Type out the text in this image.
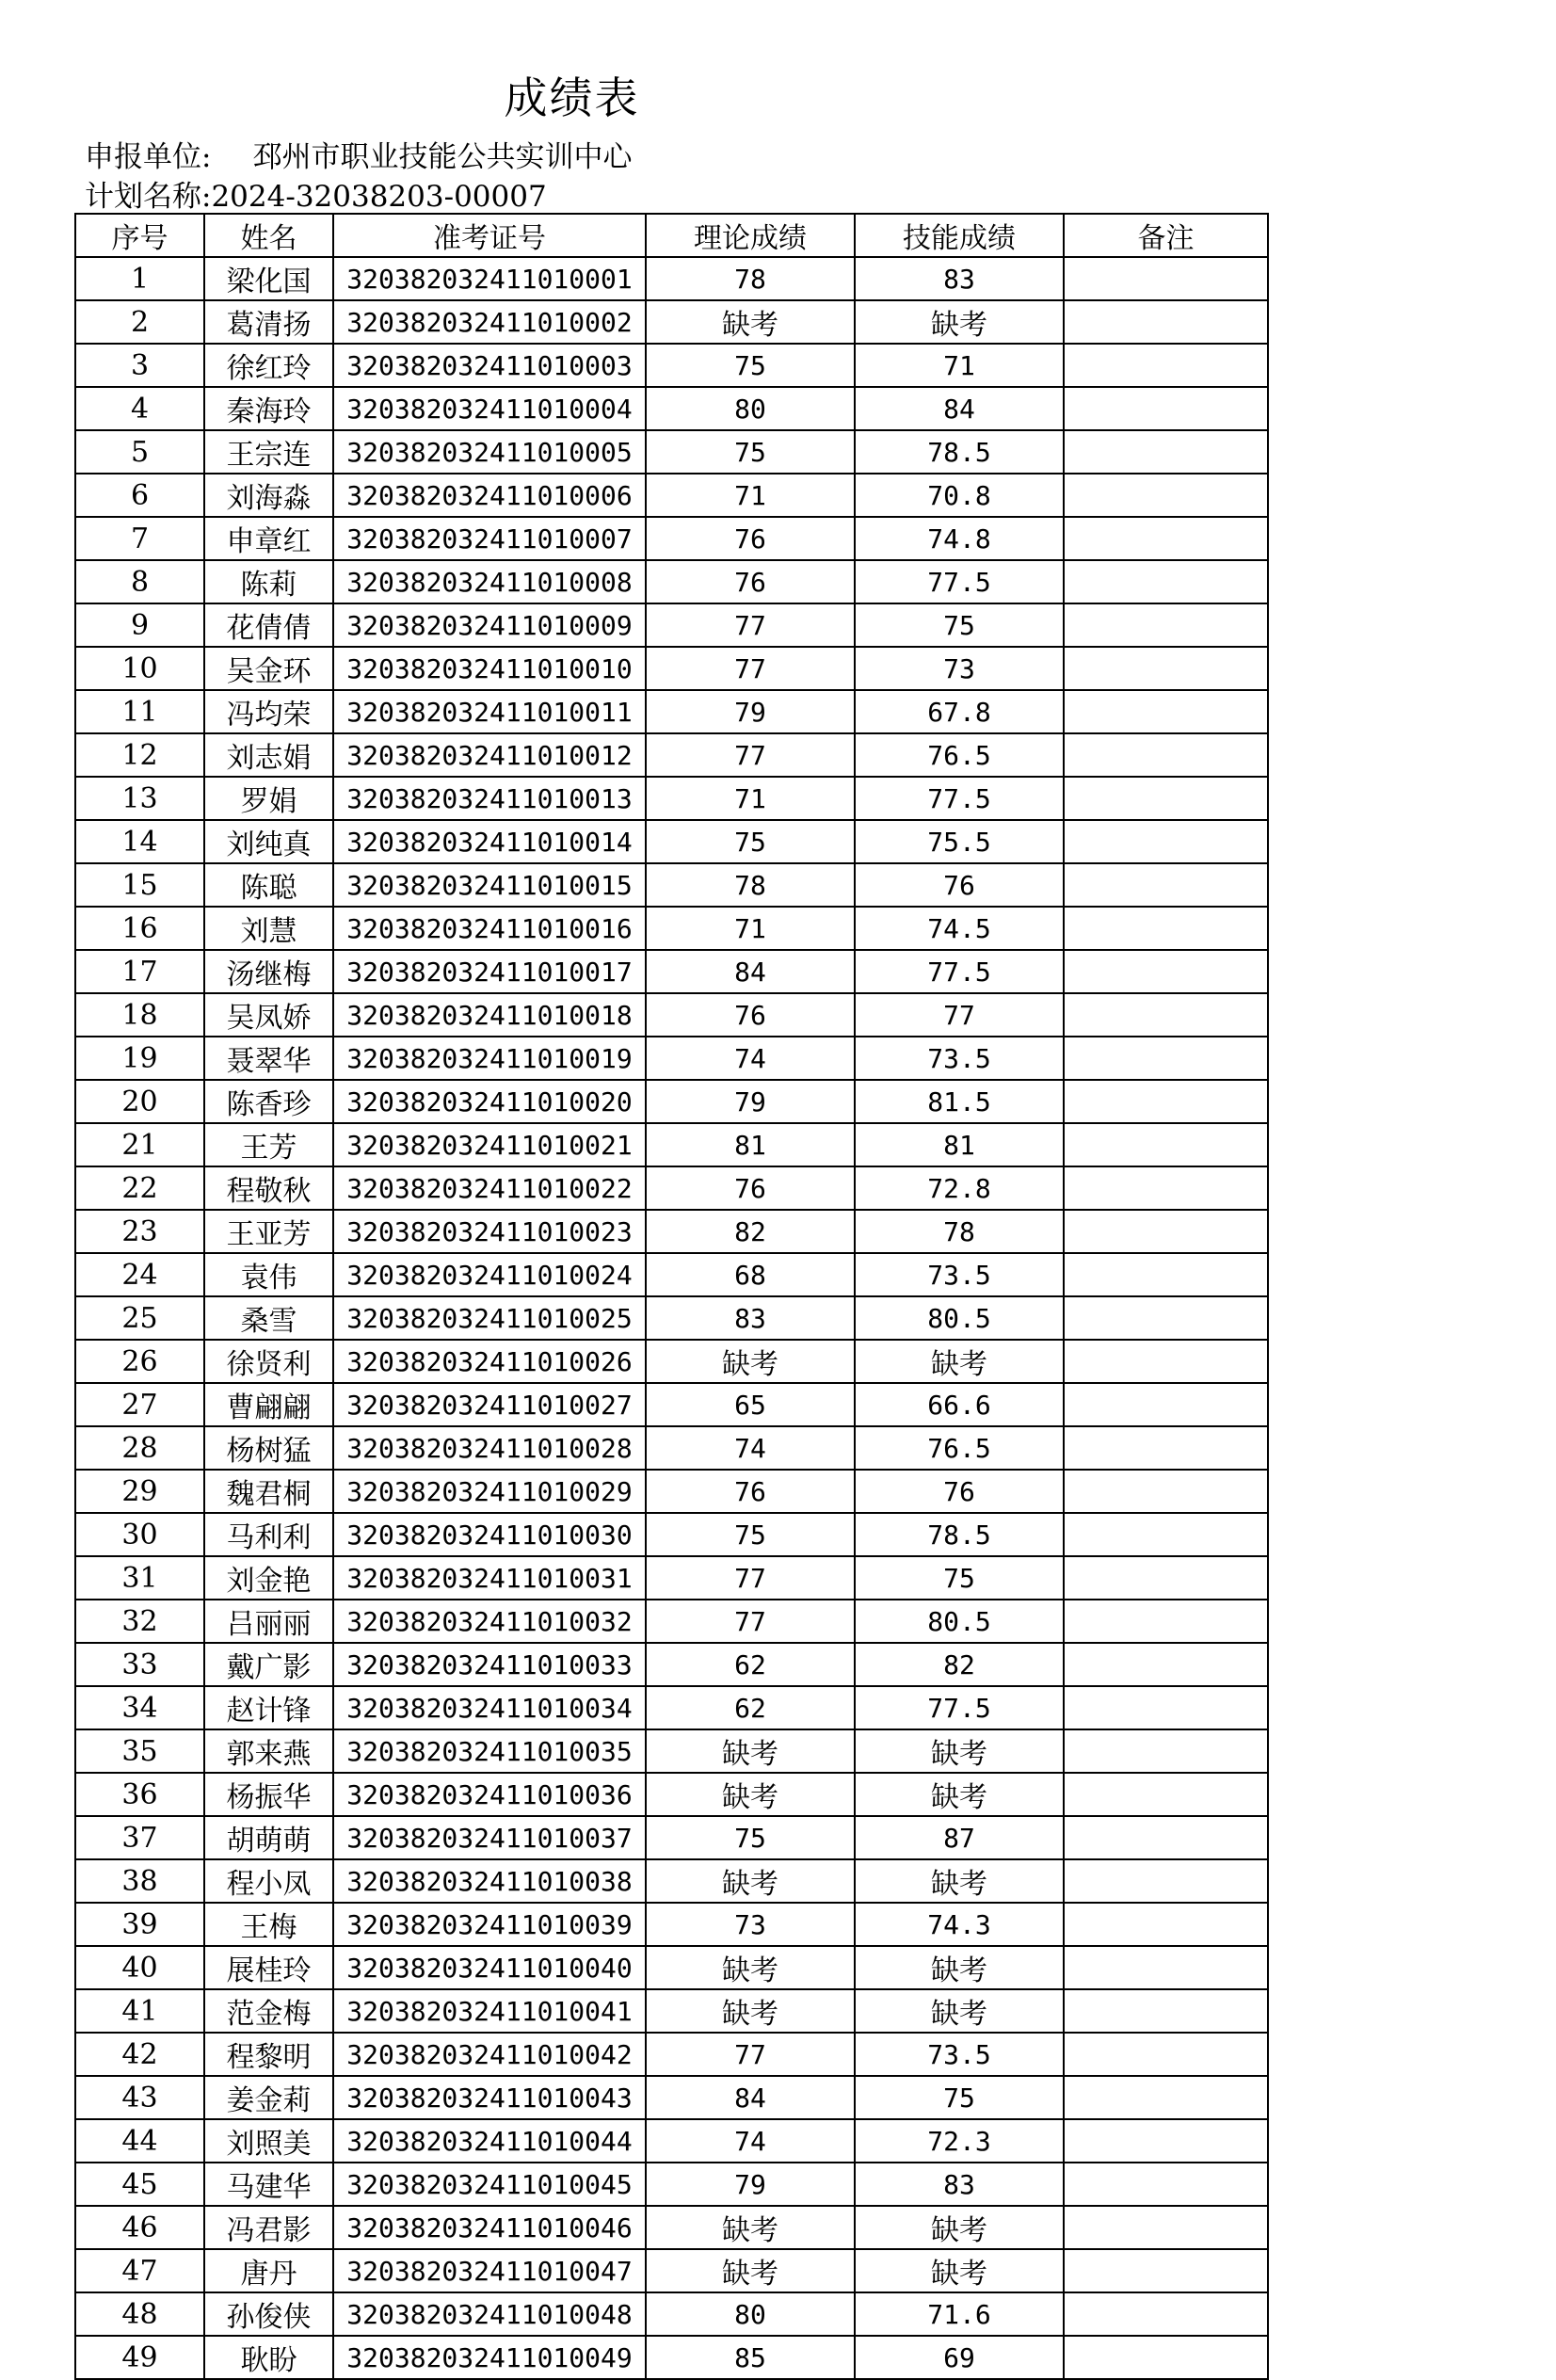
成绩表
申报单位: 邳州市职业技能公共实训中心
计划名称:2024-32038203-00007
序号	姓名	准考证号	理论成绩	技能成绩	备注
1	梁化国	320382032411010001	78	83	
2	葛清扬	320382032411010002	缺考	缺考	
3	徐红玲	320382032411010003	75	71	
4	秦海玲	320382032411010004	80	84	
5	王宗连	320382032411010005	75	78.5	
6	刘海淼	320382032411010006	71	70.8	
7	申章红	320382032411010007	76	74.8	
8	陈莉	320382032411010008	76	77.5	
9	花倩倩	320382032411010009	77	75	
10	吴金环	320382032411010010	77	73	
11	冯均荣	320382032411010011	79	67.8	
12	刘志娟	320382032411010012	77	76.5	
13	罗娟	320382032411010013	71	77.5	
14	刘纯真	320382032411010014	75	75.5	
15	陈聪	320382032411010015	78	76	
16	刘慧	320382032411010016	71	74.5	
17	汤继梅	320382032411010017	84	77.5	
18	吴凤娇	320382032411010018	76	77	
19	聂翠华	320382032411010019	74	73.5	
20	陈香珍	320382032411010020	79	81.5	
21	王芳	320382032411010021	81	81	
22	程敬秋	320382032411010022	76	72.8	
23	王亚芳	320382032411010023	82	78	
24	袁伟	320382032411010024	68	73.5	
25	桑雪	320382032411010025	83	80.5	
26	徐贤利	320382032411010026	缺考	缺考	
27	曹翩翩	320382032411010027	65	66.6	
28	杨树猛	320382032411010028	74	76.5	
29	魏君桐	320382032411010029	76	76	
30	马利利	320382032411010030	75	78.5	
31	刘金艳	320382032411010031	77	75	
32	吕丽丽	320382032411010032	77	80.5	
33	戴广影	320382032411010033	62	82	
34	赵计锋	320382032411010034	62	77.5	
35	郭来燕	320382032411010035	缺考	缺考	
36	杨振华	320382032411010036	缺考	缺考	
37	胡萌萌	320382032411010037	75	87	
38	程小凤	320382032411010038	缺考	缺考	
39	王梅	320382032411010039	73	74.3	
40	展桂玲	320382032411010040	缺考	缺考	
41	范金梅	320382032411010041	缺考	缺考	
42	程黎明	320382032411010042	77	73.5	
43	姜金莉	320382032411010043	84	75	
44	刘照美	320382032411010044	74	72.3	
45	马建华	320382032411010045	79	83	
46	冯君影	320382032411010046	缺考	缺考	
47	唐丹	320382032411010047	缺考	缺考	
48	孙俊侠	320382032411010048	80	71.6	
49	耿盼	320382032411010049	85	69	
